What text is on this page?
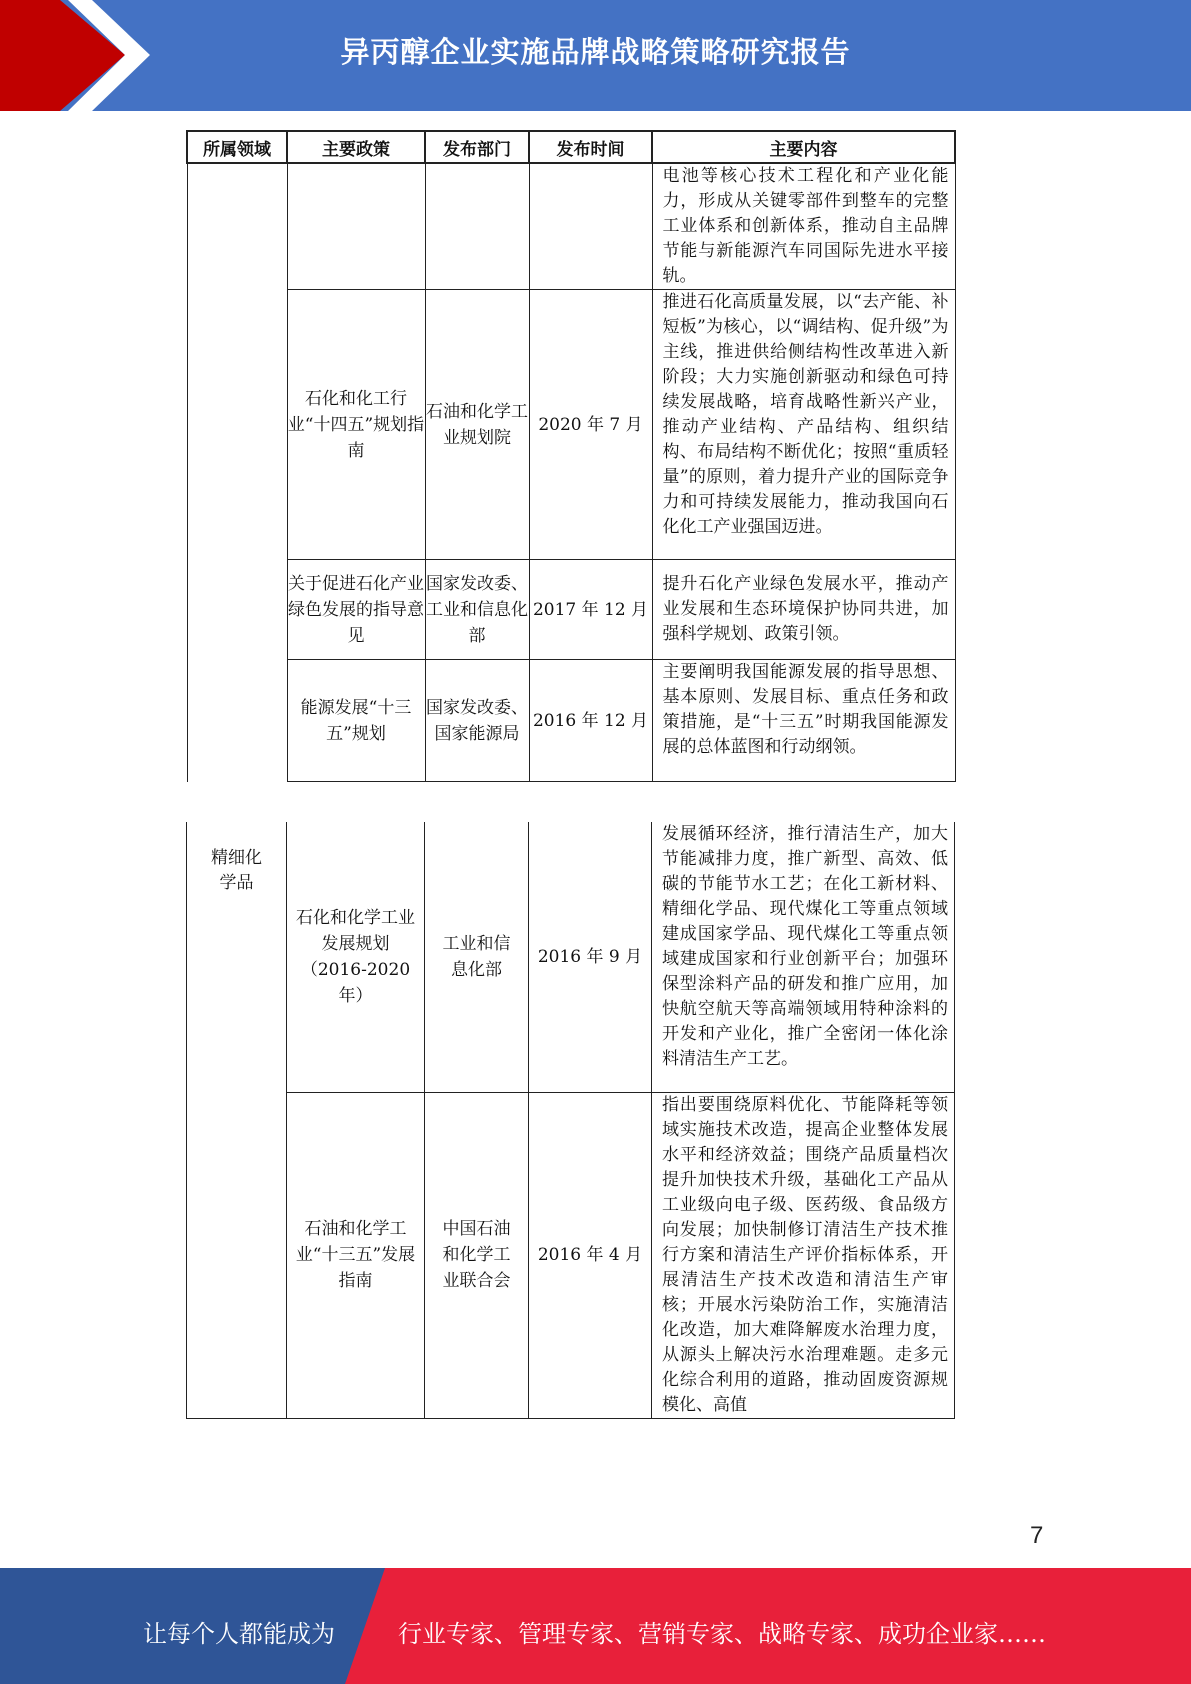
异丙醇企业实施品牌战略策略研究报告
所属领域	主要政策	发布部门	发布时间	主要内容
				电池等核心技术工程化和产业化能力，形成从关键零部件到整车的完整工业体系和创新体系，推动自主品牌节能与新能源汽车同国际先进水平接轨。
	石化和化工行业“十四五”规划指南	石油和化学工业规划院	2020 年 7 月	推进石化高质量发展，以“去产能、补短板”为核心，以“调结构、促升级”为主线，推进供给侧结构性改革进入新阶段；大力实施创新驱动和绿色可持续发展战略，培育战略性新兴产业，推动产业结构、产品结构、组织结构、布局结构不断优化；按照“重质轻量”的原则，着力提升产业的国际竞争力和可持续发展能力，推动我国向石化化工产业强国迈进。
	关于促进石化产业绿色发展的指导意见	国家发改委、工业和信息化部	2017 年 12 月	提升石化产业绿色发展水平，推动产业发展和生态环境保护协同共进，加强科学规划、政策引领。
	能源发展“十三五”规划	国家发改委、国家能源局	2016 年 12 月	主要阐明我国能源发展的指导思想、基本原则、发展目标、重点任务和政策措施，是“十三五”时期我国能源发展的总体蓝图和行动纲领。
精细化学品	石化和化学工业发展规划（2016-2020 年）	工业和信息化部	2016 年 9 月	发展循环经济，推行清洁生产，加大节能减排力度，推广新型、高效、低碳的节能节水工艺；在化工新材料、精细化学品、现代煤化工等重点领域建成国家学品、现代煤化工等重点领域建成国家和行业创新平台；加强环保型涂料产品的研发和推广应用，加快航空航天等高端领域用特种涂料的开发和产业化，推广全密闭一体化涂料清洁生产工艺。

	石油和化学工业“十三五”发展指南	中国石油和化学工业联合会	2016 年 4 月	指出要围绕原料优化、节能降耗等领域实施技术改造，提高企业整体发展水平和经济效益；围绕产品质量档次提升加快技术升级，基础化工产品从工业级向电子级、医药级、食品级方向发展；加快制修订清洁生产技术推行方案和清洁生产评价指标体系，开展清洁生产技术改造和清洁生产审核；开展水污染防治工作，实施清洁化改造，加大难降解废水治理力度，从源头上解决污水治理难题。走多元化综合利用的道路，推动固废资源规模化、高值
7
让每个人都能成为	行业专家、管理专家、营销专家、战略专家、成功企业家……
